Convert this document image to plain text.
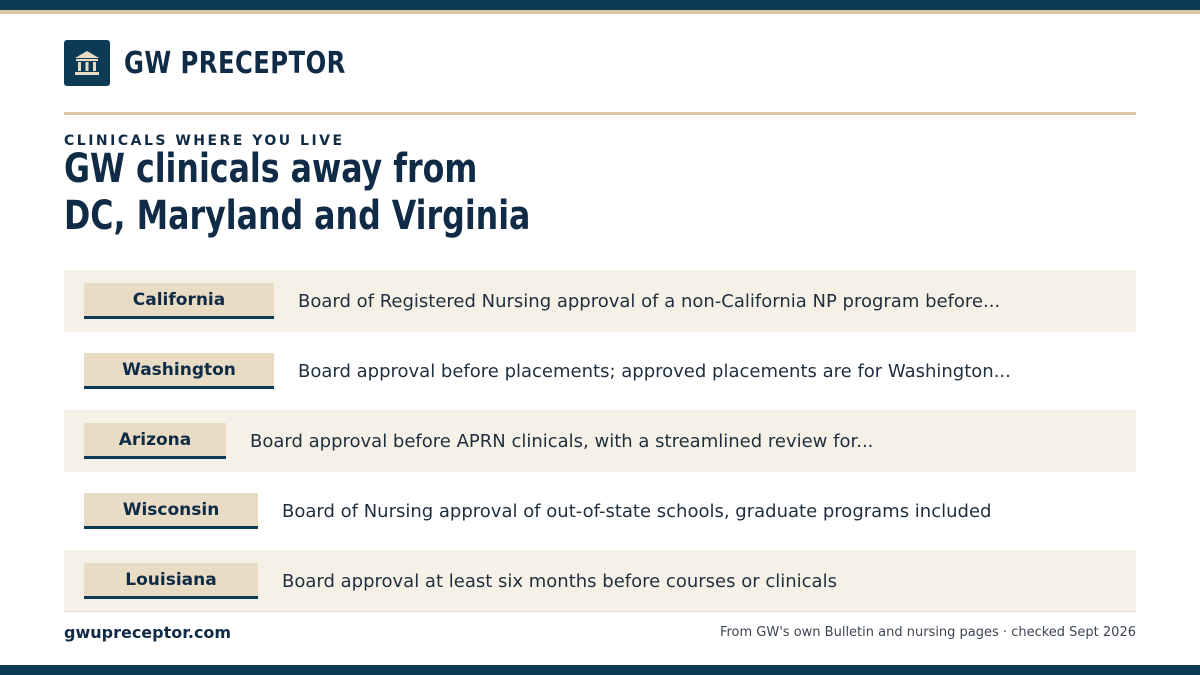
GW PRECEPTOR
CLINICALS WHERE YOU LIVE
GW clinicals away from
DC, Maryland and Virginia
California	Board of Registered Nursing approval of a non-California NP program before...
Washington	Board approval before placements; approved placements are for Washington...
Arizona	Board approval before APRN clinicals, with a streamlined review for...
Wisconsin	Board of Nursing approval of out-of-state schools, graduate programs included
Louisiana	Board approval at least six months before courses or clinicals
gwupreceptor.com	From GW's own Bulletin and nursing pages · checked Sept 2026
